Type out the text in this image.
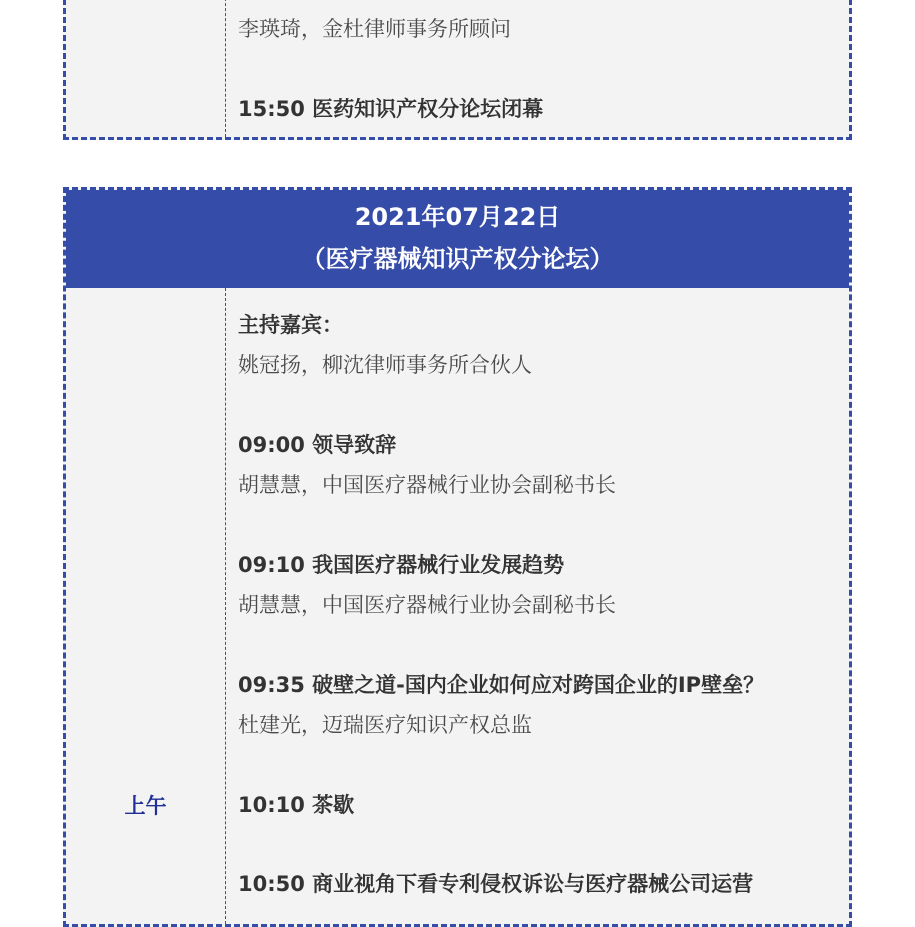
李瑛琦，金杜律师事务所顾问
15:50 医药知识产权分论坛闭幕
2021年07月22日
（医疗器械知识产权分论坛）
上午
主持嘉宾：
姚冠扬，柳沈律师事务所合伙人
09:00 领导致辞
胡慧慧，中国医疗器械行业协会副秘书长
09:10 我国医疗器械行业发展趋势
胡慧慧，中国医疗器械行业协会副秘书长
09:35 破壁之道-国内企业如何应对跨国企业的IP壁垒？
杜建光，迈瑞医疗知识产权总监
10:10 茶歇
10:50 商业视角下看专利侵权诉讼与医疗器械公司运营
